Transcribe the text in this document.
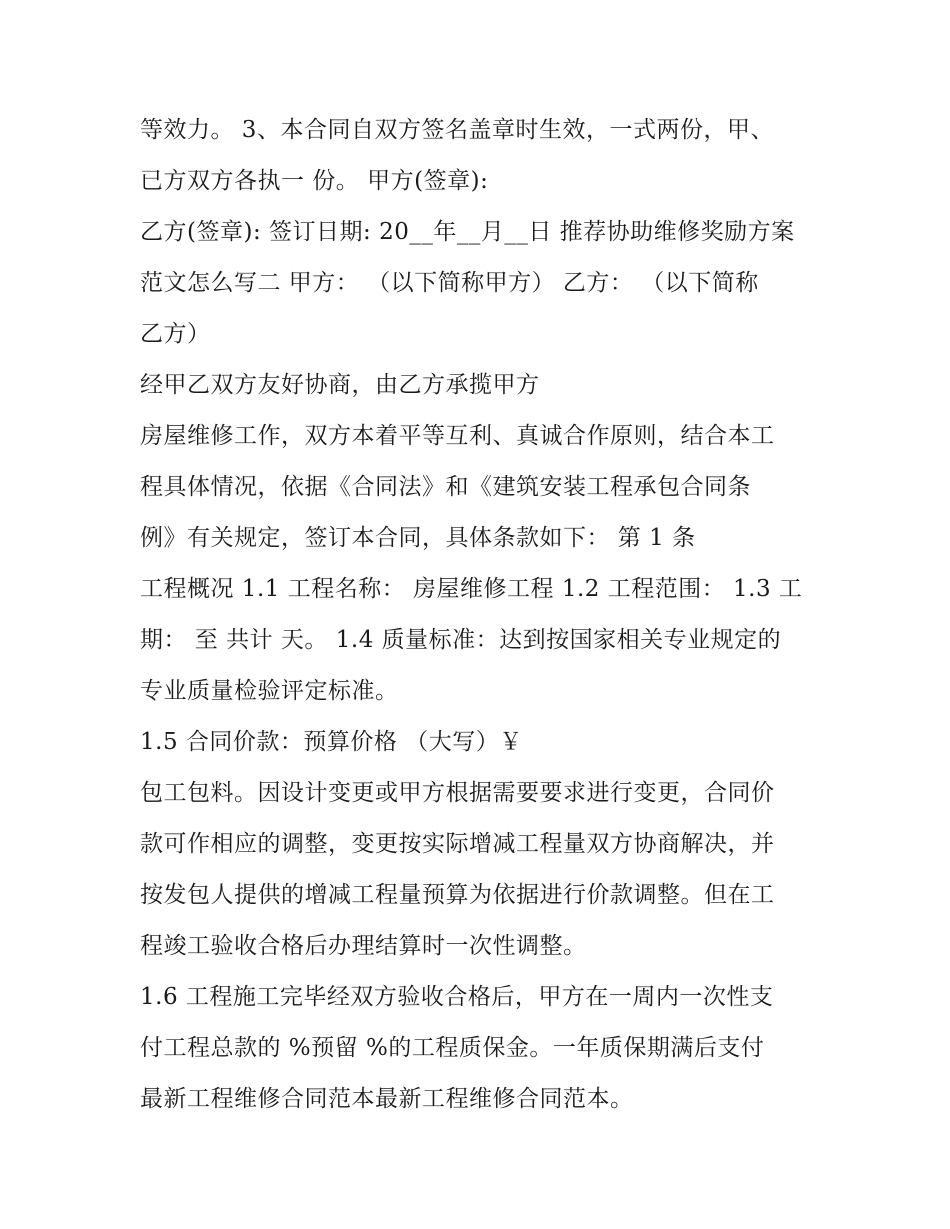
等效力。 3、本合同自双方签名盖章时生效，一式两份，甲、
已方双方各执一 份。 甲方(签章):
乙方(签章): 签订日期: 20__年__月__日 推荐协助维修奖励方案
范文怎么写二 甲方： （以下简称甲方） 乙方： （以下简称
乙方）
经甲乙双方友好协商，由乙方承揽甲方
房屋维修工作，双方本着平等互利、真诚合作原则，结合本工
程具体情况，依据《合同法》和《建筑安装工程承包合同条
例》有关规定，签订本合同，具体条款如下： 第 1 条
工程概况 1.1 工程名称： 房屋维修工程 1.2 工程范围： 1.3 工
期： 至 共计 天。 1.4 质量标准：达到按国家相关专业规定的
专业质量检验评定标准。
1.5 合同价款：预算价格 （大写）￥
包工包料。因设计变更或甲方根据需要要求进行变更，合同价
款可作相应的调整，变更按实际增减工程量双方协商解决，并
按发包人提供的增减工程量预算为依据进行价款调整。但在工
程竣工验收合格后办理结算时一次性调整。
1.6 工程施工完毕经双方验收合格后，甲方在一周内一次性支
付工程总款的 %预留 %的工程质保金。一年质保期满后支付
最新工程维修合同范本最新工程维修合同范本。
